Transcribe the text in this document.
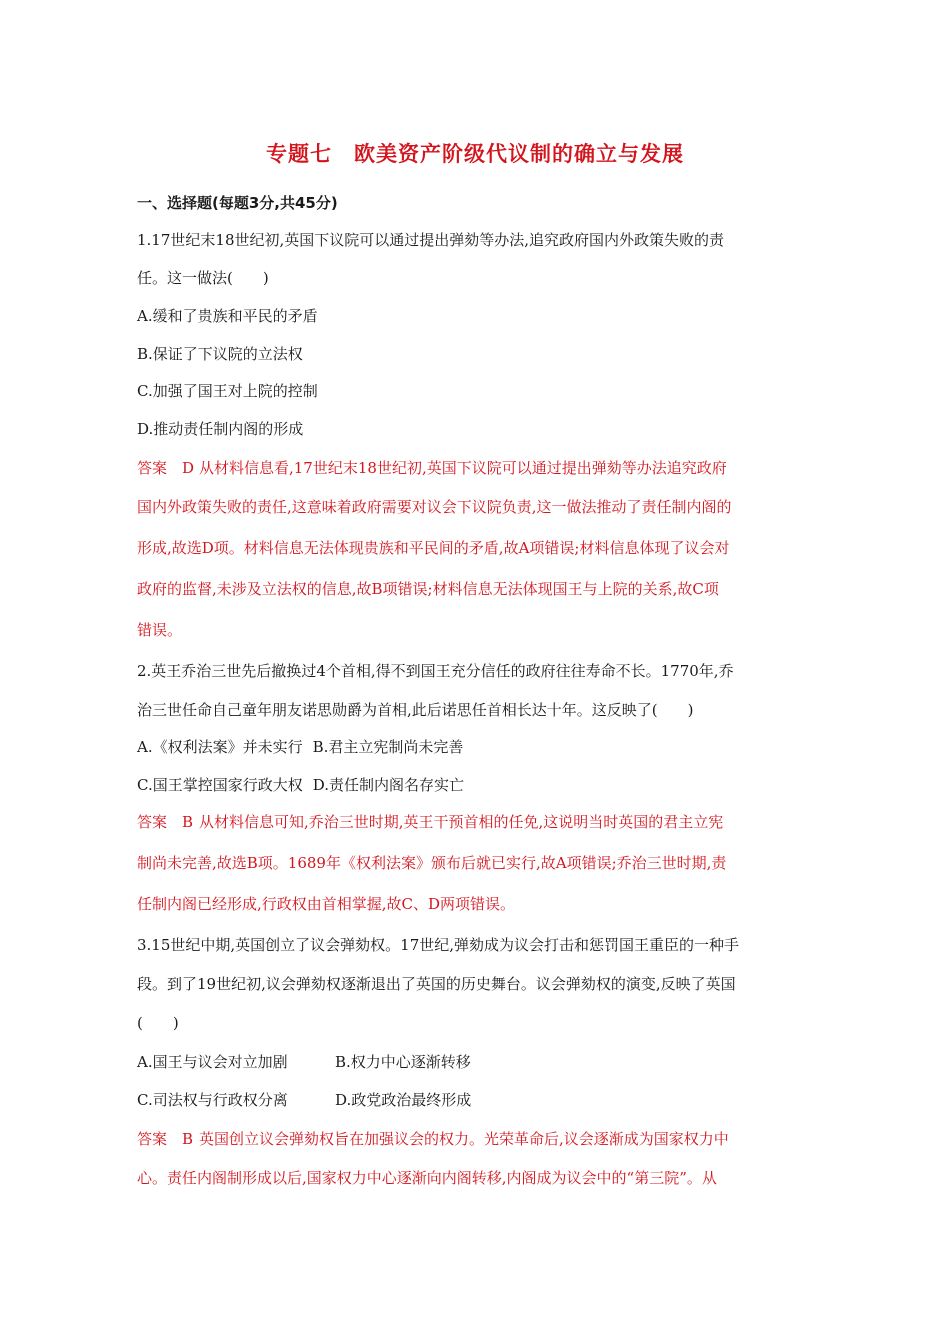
专题七　欧美资产阶级代议制的确立与发展
一、选择题(每题3分,共45分)
1.17世纪末18世纪初,英国下议院可以通过提出弹劾等办法,追究政府国内外政策失败的责
任。这一做法(　　)
A.缓和了贵族和平民的矛盾
B.保证了下议院的立法权
C.加强了国王对上院的控制
D.推动责任制内阁的形成
答案　D 从材料信息看,17世纪末18世纪初,英国下议院可以通过提出弹劾等办法追究政府
国内外政策失败的责任,这意味着政府需要对议会下议院负责,这一做法推动了责任制内阁的
形成,故选D项。材料信息无法体现贵族和平民间的矛盾,故A项错误;材料信息体现了议会对
政府的监督,未涉及立法权的信息,故B项错误;材料信息无法体现国王与上院的关系,故C项
错误。
2.英王乔治三世先后撤换过4个首相,得不到国王充分信任的政府往往寿命不长。1770年,乔
治三世任命自己童年朋友诺思勋爵为首相,此后诺思任首相长达十年。这反映了(　　)
A.《权利法案》并未实行 B.君主立宪制尚未完善
C.国王掌控国家行政大权 D.责任制内阁名存实亡
答案　B 从材料信息可知,乔治三世时期,英王干预首相的任免,这说明当时英国的君主立宪
制尚未完善,故选B项。1689年《权利法案》颁布后就已实行,故A项错误;乔治三世时期,责
任制内阁已经形成,行政权由首相掌握,故C、D两项错误。
3.15世纪中期,英国创立了议会弹劾权。17世纪,弹劾成为议会打击和惩罚国王重臣的一种手
段。到了19世纪初,议会弹劾权逐渐退出了英国的历史舞台。议会弹劾权的演变,反映了英国
(　　)
A.国王与议会对立加剧	B.权力中心逐渐转移
C.司法权与行政权分离	D.政党政治最终形成
答案　B 英国创立议会弹劾权旨在加强议会的权力。光荣革命后,议会逐渐成为国家权力中
心。责任内阁制形成以后,国家权力中心逐渐向内阁转移,内阁成为议会中的“第三院”。从
